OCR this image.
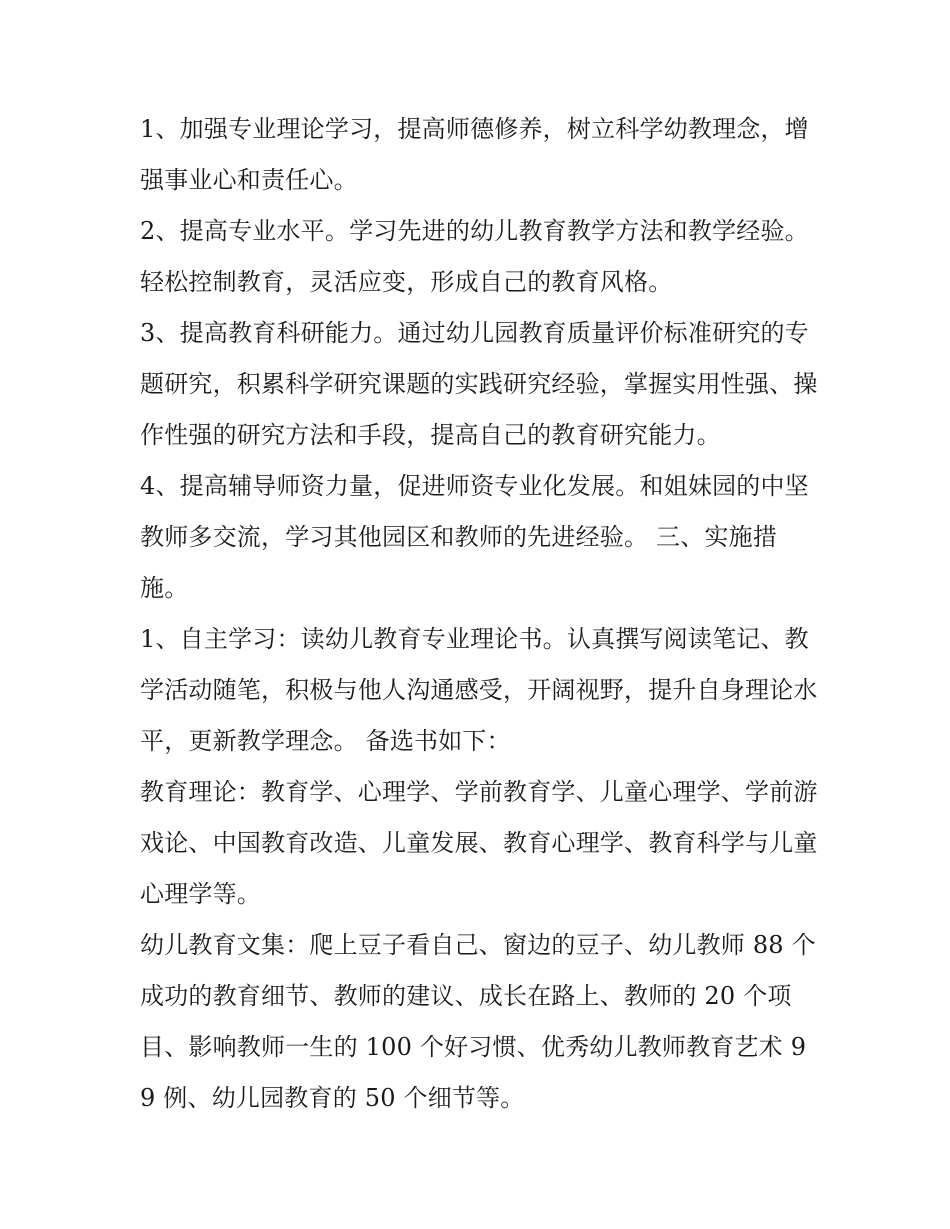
1、加强专业理论学习，提高师德修养，树立科学幼教理念，增强事业心和责任心。

2、提高专业水平。学习先进的幼儿教育教学方法和教学经验。轻松控制教育，灵活应变，形成自己的教育风格。

3、提高教育科研能力。通过幼儿园教育质量评价标准研究的专题研究，积累科学研究课题的实践研究经验，掌握实用性强、操作性强的研究方法和手段，提高自己的教育研究能力。

4、提高辅导师资力量，促进师资专业化发展。和姐妹园的中坚教师多交流，学习其他园区和教师的先进经验。 三、实施措施。

1、自主学习：读幼儿教育专业理论书。认真撰写阅读笔记、教学活动随笔，积极与他人沟通感受，开阔视野，提升自身理论水平，更新教学理念。 备选书如下：

教育理论：教育学、心理学、学前教育学、儿童心理学、学前游戏论、中国教育改造、儿童发展、教育心理学、教育科学与儿童心理学等。

幼儿教育文集：爬上豆子看自己、窗边的豆子、幼儿教师 88 个成功的教育细节、教师的建议、成长在路上、教师的 20 个项目、影响教师一生的 100 个好习惯、优秀幼儿教师教育艺术 99 例、幼儿园教育的 50 个细节等。
